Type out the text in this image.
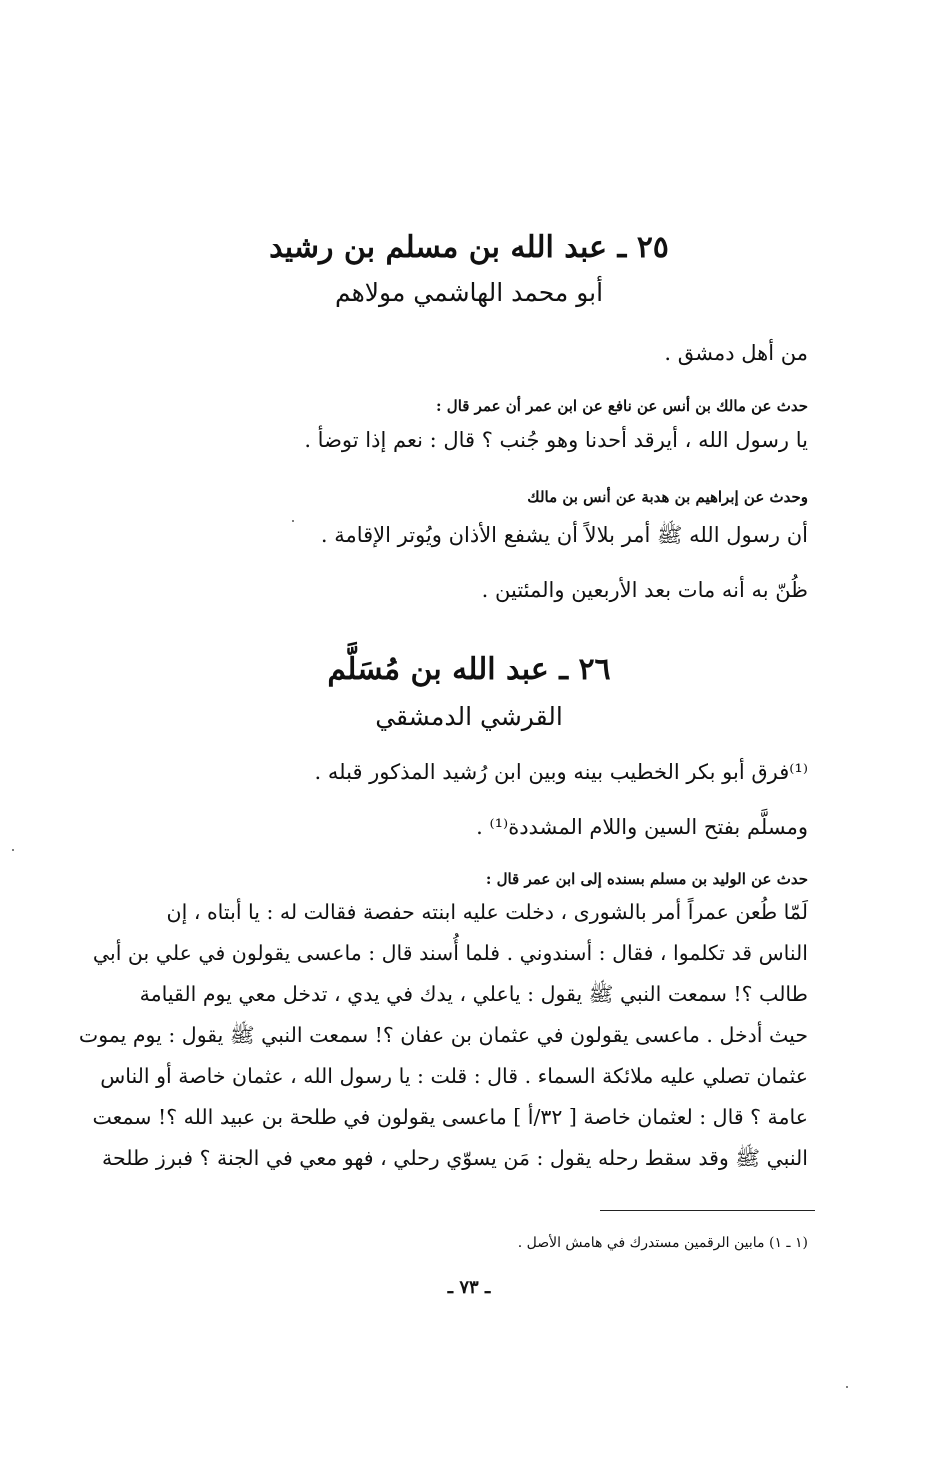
٢٥ ـ عبد الله بن مسلم بن رشيد
أبو محمد الهاشمي مولاهم
من أهل دمشق .
حدث عن مالك بن أنس عن نافع عن ابن عمر أن عمر قال :
يا رسول الله ، أيرقد أحدنا وهو جُنب ؟ قال : نعم إذا توضأ .
وحدث عن إبراهيم بن هدبة عن أنس بن مالك
أن رسول الله ﷺ أمر بلالاً أن يشفع الأذان ويُوتر الإقامة .
ظُنّ به أنه مات بعد الأربعين والمئتين .
٢٦ ـ عبد الله بن مُسَلَّم
القرشي الدمشقي
⁽¹⁾فرق أبو بكر الخطيب بينه وبين ابن رُشيد المذكور قبله .
ومسلَّم بفتح السين واللام المشددة⁽¹⁾ .
حدث عن الوليد بن مسلم بسنده إلى ابن عمر قال :
لَمّا طُعن عمراً أمر بالشورى ، دخلت عليه ابنته حفصة فقالت له : يا أبتاه ، إن
الناس قد تكلموا ، فقال : أسندوني . فلما أُسند قال : ماعسى يقولون في علي بن أبي
طالب ؟! سمعت النبي ﷺ يقول : ياعلي ، يدك في يدي ، تدخل معي يوم القيامة
حيث أدخل . ماعسى يقولون في عثمان بن عفان ؟! سمعت النبي ﷺ يقول : يوم يموت
عثمان تصلي عليه ملائكة السماء . قال : قلت : يا رسول الله ، عثمان خاصة أو الناس
عامة ؟ قال : لعثمان خاصة [ ٣٢/أ ] ماعسى يقولون في طلحة بن عبيد الله ؟! سمعت
النبي ﷺ وقد سقط رحله يقول : مَن يسوّي رحلي ، فهو معي في الجنة ؟ فبرز طلحة
(١ ـ ١) مابين الرقمين مستدرك في هامش الأصل .
ـ ٧٣ ـ
